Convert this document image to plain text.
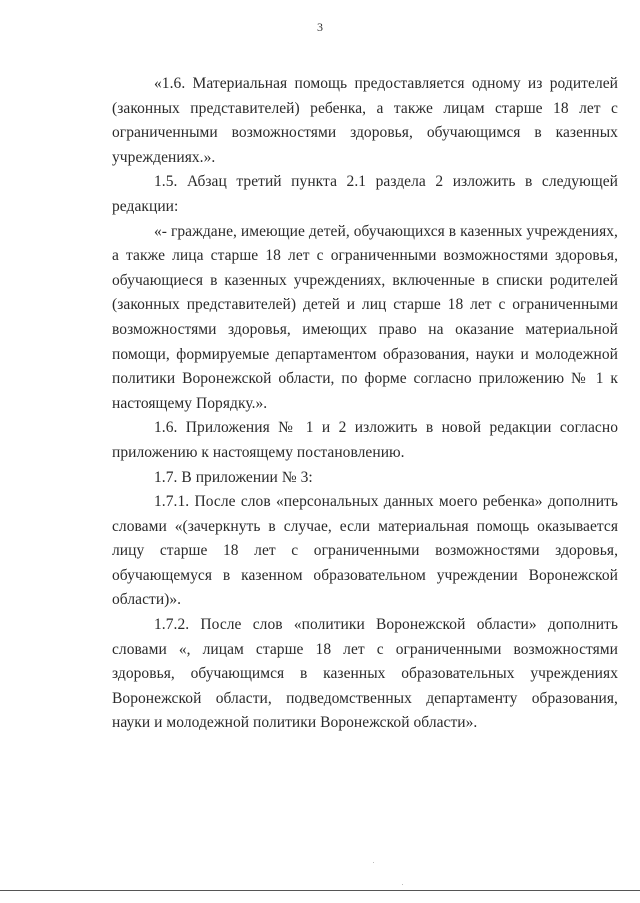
3

«1.6. Материальная помощь предоставляется одному из родителей (законных представителей) ребенка, а также лицам старше 18 лет с ограниченными возможностями здоровья, обучающимся в казенных учреждениях.».

1.5. Абзац третий пункта 2.1 раздела 2 изложить в следующей редакции:

«- граждане, имеющие детей, обучающихся в казенных учреждениях, а также лица старше 18 лет с ограниченными возможностями здоровья, обучающиеся в казенных учреждениях, включенные в списки родителей (законных представителей) детей и лиц старше 18 лет с ограниченными возможностями здоровья, имеющих право на оказание материальной помощи, формируемые департаментом образования, науки и молодежной политики Воронежской области, по форме согласно приложению № 1 к настоящему Порядку.».

1.6. Приложения № 1 и 2 изложить в новой редакции согласно приложению к настоящему постановлению.

1.7. В приложении № 3:

1.7.1. После слов «персональных данных моего ребенка» дополнить словами «(зачеркнуть в случае, если материальная помощь оказывается лицу старше 18 лет с ограниченными возможностями здоровья, обучающемуся в казенном образовательном учреждении Воронежской области)».

1.7.2. После слов «политики Воронежской области» дополнить словами «, лицам старше 18 лет с ограниченными возможностями здоровья, обучающимся в казенных образовательных учреждениях Воронежской области, подведомственных департаменту образования, науки и молодежной политики Воронежской области».
